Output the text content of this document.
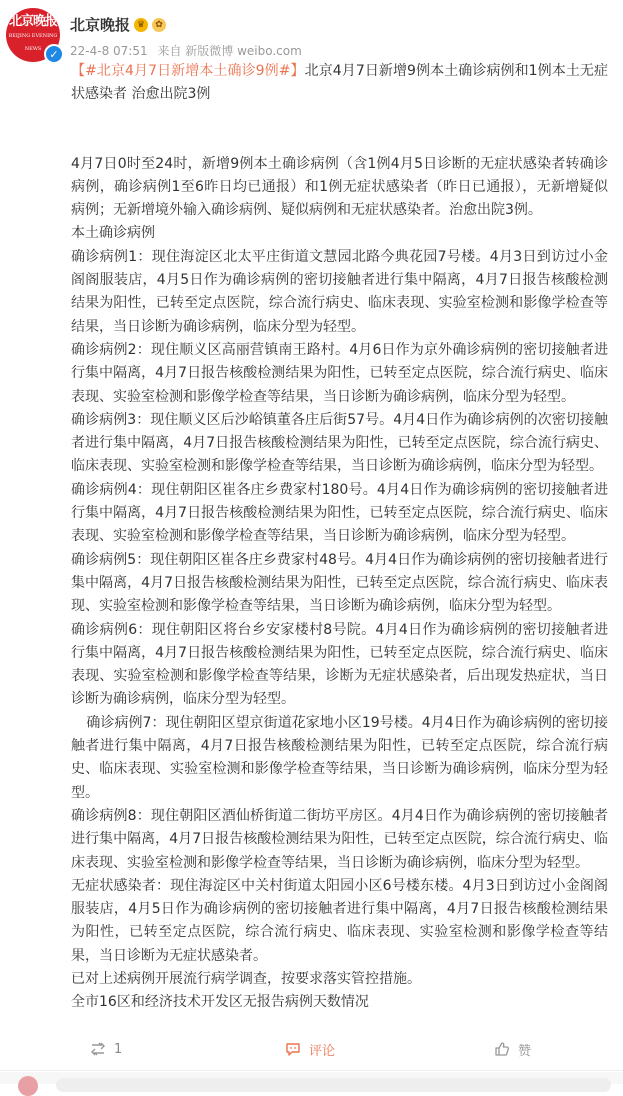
北京晚报
BEIJING EVENING NEWS ✓
北京晚报 ♛	✿
22-4-8 07:51 来自 新版微博 weibo.com

【#北京4月7日新增本土确诊9例#】北京4月7日新增9例本土确诊病例和1例本土无症状感染者 治愈出院3例

4月7日0时至24时，新增9例本土确诊病例（含1例4月5日诊断的无症状感染者转确诊病例，确诊病例1至6昨日均已通报）和1例无症状感染者（昨日已通报），无新增疑似病例；无新增境外输入确诊病例、疑似病例和无症状感染者。治愈出院3例。

本土确诊病例

确诊病例1：现住海淀区北太平庄街道文慧园北路今典花园7号楼。4月3日到访过小金阁阁服装店，4月5日作为确诊病例的密切接触者进行集中隔离，4月7日报告核酸检测结果为阳性，已转至定点医院，综合流行病史、临床表现、实验室检测和影像学检查等结果，当日诊断为确诊病例，临床分型为轻型。

确诊病例2：现住顺义区高丽营镇南王路村。4月6日作为京外确诊病例的密切接触者进行集中隔离，4月7日报告核酸检测结果为阳性，已转至定点医院，综合流行病史、临床表现、实验室检测和影像学检查等结果，当日诊断为确诊病例，临床分型为轻型。

确诊病例3：现住顺义区后沙峪镇董各庄后街57号。4月4日作为确诊病例的次密切接触者进行集中隔离，4月7日报告核酸检测结果为阳性，已转至定点医院，综合流行病史、临床表现、实验室检测和影像学检查等结果，当日诊断为确诊病例，临床分型为轻型。

确诊病例4：现住朝阳区崔各庄乡费家村180号。4月4日作为确诊病例的密切接触者进行集中隔离，4月7日报告核酸检测结果为阳性，已转至定点医院，综合流行病史、临床表现、实验室检测和影像学检查等结果，当日诊断为确诊病例，临床分型为轻型。

确诊病例5：现住朝阳区崔各庄乡费家村48号。4月4日作为确诊病例的密切接触者进行集中隔离，4月7日报告核酸检测结果为阳性，已转至定点医院，综合流行病史、临床表现、实验室检测和影像学检查等结果，当日诊断为确诊病例，临床分型为轻型。

确诊病例6：现住朝阳区将台乡安家楼村8号院。4月4日作为确诊病例的密切接触者进行集中隔离，4月7日报告核酸检测结果为阳性，已转至定点医院，综合流行病史、临床表现、实验室检测和影像学检查等结果，诊断为无症状感染者，后出现发热症状，当日诊断为确诊病例，临床分型为轻型。

确诊病例7：现住朝阳区望京街道花家地小区19号楼。4月4日作为确诊病例的密切接触者进行集中隔离，4月7日报告核酸检测结果为阳性，已转至定点医院，综合流行病史、临床表现、实验室检测和影像学检查等结果，当日诊断为确诊病例，临床分型为轻型。

确诊病例8：现住朝阳区酒仙桥街道二街坊平房区。4月4日作为确诊病例的密切接触者进行集中隔离，4月7日报告核酸检测结果为阳性，已转至定点医院，综合流行病史、临床表现、实验室检测和影像学检查等结果，当日诊断为确诊病例，临床分型为轻型。

无症状感染者：现住海淀区中关村街道太阳园小区6号楼东楼。4月3日到访过小金阁阁服装店，4月5日作为确诊病例的密切接触者进行集中隔离，4月7日报告核酸检测结果为阳性，已转至定点医院，综合流行病史、临床表现、实验室检测和影像学检查等结果，当日诊断为无症状感染者。

已对上述病例开展流行病学调查，按要求落实管控措施。

全市16区和经济技术开发区无报告病例天数情况

1	评论	赞
